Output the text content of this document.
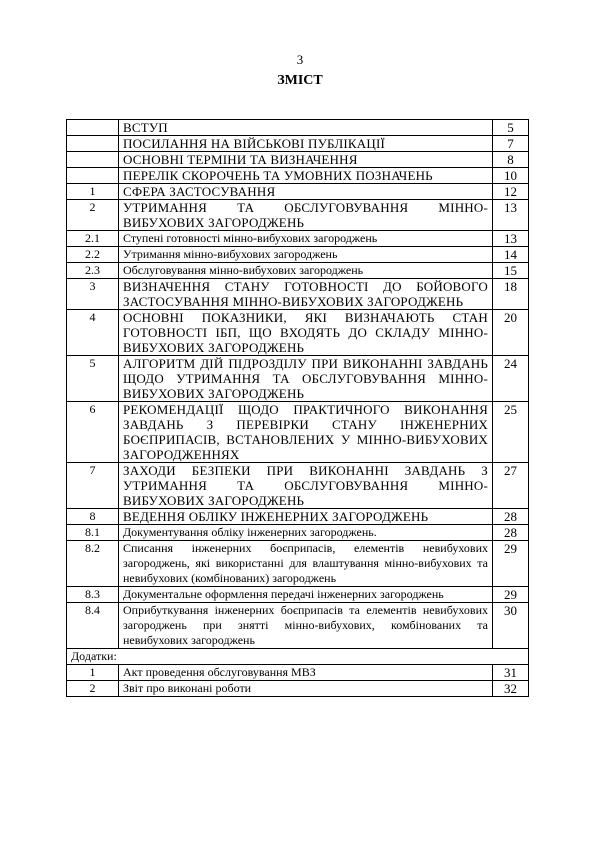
3
ЗМІСТ
	ВСТУП	5
	ПОСИЛАННЯ НА ВІЙСЬКОВІ ПУБЛІКАЦІЇ	7
	ОСНОВНІ ТЕРМІНИ ТА ВИЗНАЧЕННЯ	8
	ПЕРЕЛІК СКОРОЧЕНЬ ТА УМОВНИХ ПОЗНАЧЕНЬ	10
1	СФЕРА ЗАСТОСУВАННЯ	12
2	УТРИМАННЯ ТА ОБСЛУГОВУВАННЯ МІННО-ВИБУХОВИХ ЗАГОРОДЖЕНЬ	13
2.1	Ступені готовності мінно-вибухових загороджень	13
2.2	Утримання мінно-вибухових загороджень	14
2.3	Обслуговування мінно-вибухових загороджень	15
3	ВИЗНАЧЕННЯ СТАНУ ГОТОВНОСТІ ДО БОЙОВОГО ЗАСТОСУВАННЯ МІННО-ВИБУХОВИХ ЗАГОРОДЖЕНЬ	18
4	ОСНОВНІ ПОКАЗНИКИ, ЯКІ ВИЗНАЧАЮТЬ СТАН ГОТОВНОСТІ ІБП, ЩО ВХОДЯТЬ ДО СКЛАДУ МІННО-ВИБУХОВИХ ЗАГОРОДЖЕНЬ	20
5	АЛГОРИТМ ДІЙ ПІДРОЗДІЛУ ПРИ ВИКОНАННІ ЗАВДАНЬ ЩОДО УТРИМАННЯ ТА ОБСЛУГОВУВАННЯ МІННО-ВИБУХОВИХ ЗАГОРОДЖЕНЬ	24
6	РЕКОМЕНДАЦІЇ ЩОДО ПРАКТИЧНОГО ВИКОНАННЯ ЗАВДАНЬ З ПЕРЕВІРКИ СТАНУ ІНЖЕНЕРНИХ БОЄПРИПАСІВ, ВСТАНОВЛЕНИХ У МІННО-ВИБУХОВИХ ЗАГОРОДЖЕННЯХ	25
7	ЗАХОДИ БЕЗПЕКИ ПРИ ВИКОНАННІ ЗАВДАНЬ З УТРИМАННЯ ТА ОБСЛУГОВУВАННЯ МІННО-ВИБУХОВИХ ЗАГОРОДЖЕНЬ	27
8	ВЕДЕННЯ ОБЛІКУ ІНЖЕНЕРНИХ ЗАГОРОДЖЕНЬ	28
8.1	Документування обліку інженерних загороджень.	28
8.2	Списання інженерних боєприпасів, елементів невибухових загороджень, які використанні для влаштування мінно-вибухових та невибухових (комбінованих) загороджень	29
8.3	Документальне оформлення передачі інженерних загороджень	29
8.4	Оприбуткування інженерних боєприпасів та елементів невибухових загороджень при знятті мінно-вибухових, комбінованих та невибухових загороджень	30
Додатки:		
1	Акт проведення обслуговування МВЗ	31
2	Звіт про виконані роботи	32
